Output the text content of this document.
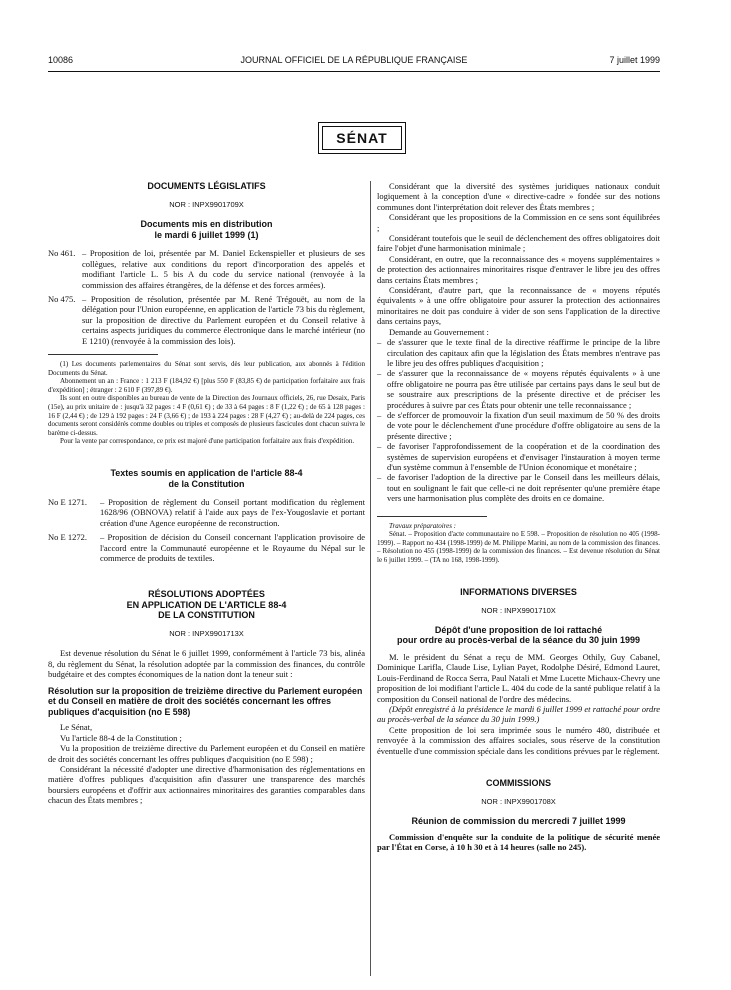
10086	JOURNAL OFFICIEL DE LA RÉPUBLIQUE FRANÇAISE	7 juillet 1999
SÉNAT
DOCUMENTS LÉGISLATIFS
NOR : INPX9901709X
Documents mis en distribution
le mardi 6 juillet 1999 (1)
No 461. – Proposition de loi, présentée par M. Daniel Eckenspieller et plusieurs de ses collègues, relative aux conditions du report d'incorporation des appelés et modifiant l'article L. 5 bis A du code du service national (renvoyée à la commission des affaires étrangères, de la défense et des forces armées).
No 475. – Proposition de résolution, présentée par M. René Trégouët, au nom de la délégation pour l'Union européenne, en application de l'article 73 bis du règlement, sur la proposition de directive du Parlement européen et du Conseil relative à certains aspects juridiques du commerce électronique dans le marché intérieur (no E 1210) (renvoyée à la commission des lois).

(1) Les documents parlementaires du Sénat sont servis, dès leur publication, aux abonnés à l'édition Documents du Sénat.

Abonnement un an : France : 1 213 F (184,92 €) [plus 550 F (83,85 €) de participation forfaitaire aux frais d'expédition] ; étranger : 2 610 F (397,89 €).

Ils sont en outre disponibles au bureau de vente de la Direction des Journaux officiels, 26, rue Desaix, Paris (15e), au prix unitaire de : jusqu'à 32 pages : 4 F (0,61 €) ; de 33 à 64 pages : 8 F (1,22 €) ; de 65 à 128 pages : 16 F (2,44 €) ; de 129 à 192 pages : 24 F (3,66 €) ; de 193 à 224 pages : 28 F (4,27 €) ; au-delà de 224 pages, ces documents seront considérés comme doubles ou triples et composés de plusieurs fascicules dont chacun suivra le barème ci-dessus.

Pour la vente par correspondance, ce prix est majoré d'une participation forfaitaire aux frais d'expédition.

Textes soumis en application de l'article 88-4
de la Constitution
No E 1271.	– Proposition de règlement du Conseil portant modification du règlement 1628/96 (OBNOVA) relatif à l'aide aux pays de l'ex-Yougoslavie et portant création d'une Agence européenne de reconstruction.
No E 1272.	– Proposition de décision du Conseil concernant l'application provisoire de l'accord entre la Communauté européenne et le Royaume du Népal sur le commerce de produits de textiles.
RÉSOLUTIONS ADOPTÉES
EN APPLICATION DE L'ARTICLE 88-4
DE LA CONSTITUTION
NOR : INPX9901713X

Est devenue résolution du Sénat le 6 juillet 1999, conformément à l'article 73 bis, alinéa 8, du règlement du Sénat, la résolution adoptée par la commission des finances, du contrôle budgétaire et des comptes économiques de la nation dont la teneur suit :

Résolution sur la proposition de treizième directive du Parlement européen et du Conseil en matière de droit des sociétés concernant les offres publiques d'acquisition (no E 598)

Le Sénat,

Vu l'article 88-4 de la Constitution ;

Vu la proposition de treizième directive du Parlement européen et du Conseil en matière de droit des sociétés concernant les offres publiques d'acquisition (no E 598) ;

Considérant la nécessité d'adopter une directive d'harmonisation des réglementations en matière d'offres publiques d'acquisition afin d'assurer une transparence des marchés boursiers européens et d'offrir aux actionnaires minoritaires des garanties comparables dans chacun des États membres ;

Considérant que la diversité des systèmes juridiques nationaux conduit logiquement à la conception d'une « directive-cadre » fondée sur des notions communes dont l'interprétation doit relever des États membres ;

Considérant que les propositions de la Commission en ce sens sont équilibrées ;

Considérant toutefois que le seuil de déclenchement des offres obligatoires doit faire l'objet d'une harmonisation minimale ;

Considérant, en outre, que la reconnaissance des « moyens supplémentaires » de protection des actionnaires minoritaires risque d'entraver le libre jeu des offres dans certains États membres ;

Considérant, d'autre part, que la reconnaissance de « moyens réputés équivalents » à une offre obligatoire pour assurer la protection des actionnaires minoritaires ne doit pas conduire à vider de son sens l'application de la directive dans certains pays,

Demande au Gouvernement :

– de s'assurer que le texte final de la directive réaffirme le principe de la libre circulation des capitaux afin que la législation des États membres n'entrave pas le libre jeu des offres publiques d'acquisition ;
– de s'assurer que la reconnaissance de « moyens réputés équivalents » à une offre obligatoire ne pourra pas être utilisée par certains pays dans le seul but de se soustraire aux prescriptions de la présente directive et de préciser les procédures à suivre par ces États pour obtenir une telle reconnaissance ;
– de s'efforcer de promouvoir la fixation d'un seuil maximum de 50 % des droits de vote pour le déclenchement d'une procédure d'offre obligatoire au sens de la présente directive ;
– de favoriser l'approfondissement de la coopération et de la coordination des systèmes de supervision européens et d'envisager l'instauration à moyen terme d'un système commun à l'ensemble de l'Union économique et monétaire ;
– de favoriser l'adoption de la directive par le Conseil dans les meilleurs délais, tout en soulignant le fait que celle-ci ne doit représenter qu'une première étape vers une harmonisation plus complète des droits en ce domaine.

Travaux préparatoires :

Sénat. – Proposition d'acte communautaire no E 598. – Proposition de résolution no 405 (1998-1999). – Rapport no 434 (1998-1999) de M. Philippe Marini, au nom de la commission des finances. – Résolution no 455 (1998-1999) de la commission des finances. – Est devenue résolution du Sénat le 6 juillet 1999. – (TA no 168, 1998-1999).

INFORMATIONS DIVERSES
NOR : INPX9901710X
Dépôt d'une proposition de loi rattaché
pour ordre au procès-verbal de la séance du 30 juin 1999

M. le président du Sénat a reçu de MM. Georges Othily, Guy Cabanel, Dominique Larifla, Claude Lise, Lylian Payet, Rodolphe Désiré, Edmond Lauret, Louis-Ferdinand de Rocca Serra, Paul Natali et Mme Lucette Michaux-Chevry une proposition de loi modifiant l'article L. 404 du code de la santé publique relatif à la composition du Conseil national de l'ordre des médecins.

(Dépôt enregistré à la présidence le mardi 6 juillet 1999 et rattaché pour ordre au procès-verbal de la séance du 30 juin 1999.)

Cette proposition de loi sera imprimée sous le numéro 480, distribuée et renvoyée à la commission des affaires sociales, sous réserve de la constitution éventuelle d'une commission spéciale dans les conditions prévues par le règlement.

COMMISSIONS
NOR : INPX9901708X
Réunion de commission du mercredi 7 juillet 1999

Commission d'enquête sur la conduite de la politique de sécurité menée par l'État en Corse, à 10 h 30 et à 14 heures (salle no 245).
